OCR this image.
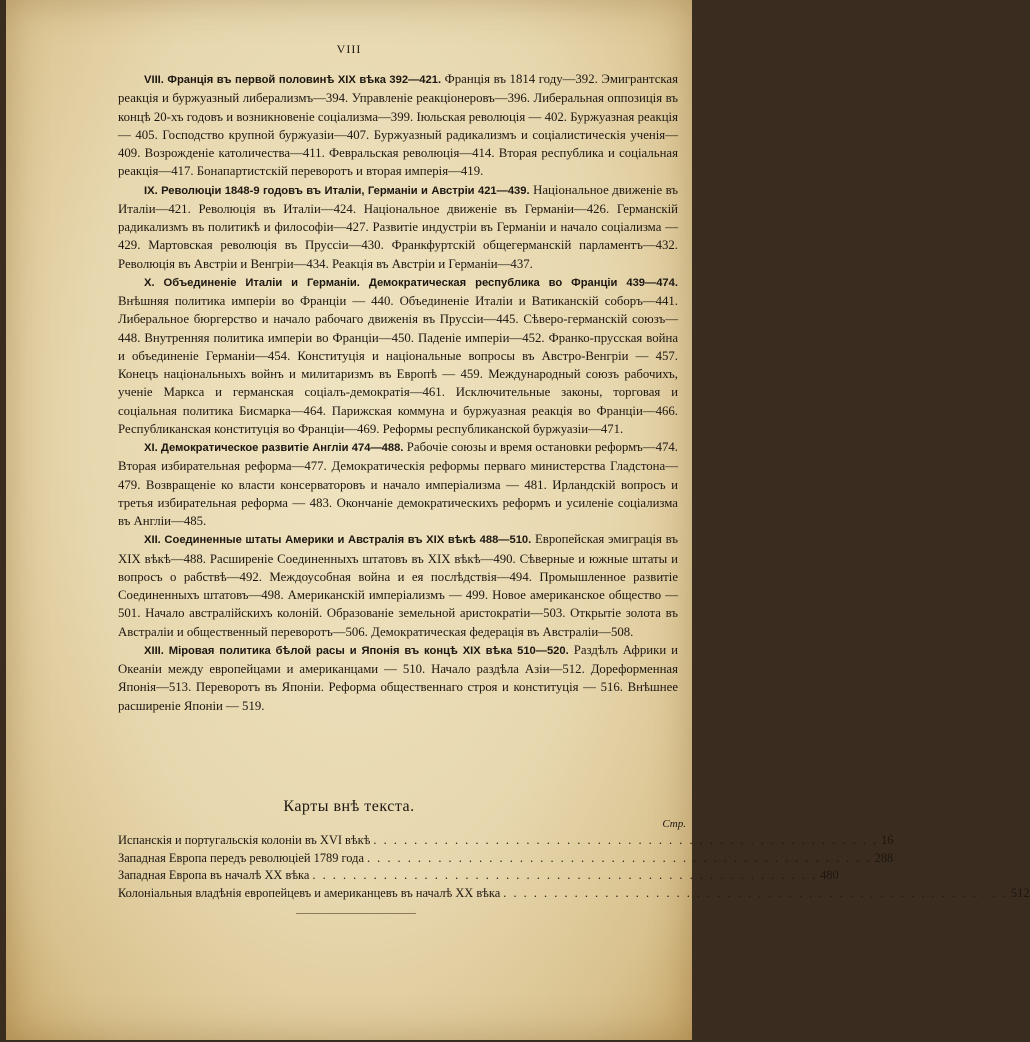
VIII

VIII. Франція въ первой половинѣ XIX вѣка 392—421. Франція въ 1814 году—392. Эмигрантская реакція и буржуазный либерализмъ—394. Управленіе реакціонеровъ—396. Либеральная оппозиція въ концѣ 20-хъ годовъ и возникновеніе соціализма—399. Іюльская революція — 402. Буржуазная реакція — 405. Господство крупной буржуазіи—407. Буржуазный радикализмъ и соціалистическія ученія—409. Возрожденіе католичества—411. Февральская революція—414. Вторая республика и соціальная реакція—417. Бонапартистскій переворотъ и вторая имперія—419.

IX. Революціи 1848-9 годовъ въ Италіи, Германіи и Австріи 421—439. Національное движеніе въ Италіи—421. Революція въ Италіи—424. Національное движеніе въ Германіи—426. Германскій радикализмъ въ политикѣ и философіи—427. Развитіе индустріи въ Германіи и начало соціализма — 429. Мартовская революція въ Пруссіи—430. Франкфуртскій общегерманскій парламентъ—432. Революція въ Австріи и Венгріи—434. Реакція въ Австріи и Германіи—437.

X. Объединеніе Италіи и Германіи. Демократическая республика во Франціи 439—474. Внѣшняя политика имперіи во Франціи — 440. Объединеніе Италіи и Ватиканскій соборъ—441. Либеральное бюргерство и начало рабочаго движенія въ Пруссіи—445. Сѣверо-германскій союзъ—448. Внутренняя политика имперіи во Франціи—450. Паденіе имперіи—452. Франко-прусская война и объединеніе Германіи—454. Конституція и національные вопросы въ Австро-Венгріи — 457. Конецъ національныхъ войнъ и милитаризмъ въ Европѣ — 459. Международный союзъ рабочихъ, ученіе Маркса и германская соціалъ-демократія—461. Исключительные законы, торговая и соціальная политика Бисмарка—464. Парижская коммуна и буржуазная реакція во Франціи—466. Республиканская конституція во Франціи—469. Реформы республиканской буржуазіи—471.

XI. Демократическое развитіе Англіи 474—488. Рабочіе союзы и время остановки реформъ—474. Вторая избирательная реформа—477. Демократическія реформы перваго министерства Гладстона—479. Возвращеніе ко власти консерваторовъ и начало имперіализма — 481. Ирландскій вопросъ и третья избирательная реформа — 483. Окончаніе демократическихъ реформъ и усиленіе соціализма въ Англіи—485.

XII. Соединенные штаты Америки и Австралія въ XIX вѣкѣ 488—510. Европейская эмиграція въ XIX вѣкѣ—488. Расширеніе Соединенныхъ штатовъ въ XIX вѣкѣ—490. Сѣверные и южные штаты и вопросъ о рабствѣ—492. Междоусобная война и ея послѣдствія—494. Промышленное развитіе Соединенныхъ штатовъ—498. Американскій имперіализмъ — 499. Новое американское общество — 501. Начало австралійскихъ колоній. Образованіе земельной аристократіи—503. Открытіе золота въ Австраліи и общественный переворотъ—506. Демократическая федерація въ Австраліи—508.

XIII. Міровая политика бѣлой расы и Японія въ концѣ XIX вѣка 510—520. Раздѣлъ Африки и Океаніи между европейцами и американцами — 510. Начало раздѣла Азіи—512. Дореформенная Японія—513. Переворотъ въ Японіи. Реформа общественнаго строя и конституція — 516. Внѣшнее расширеніе Японіи — 519.

Карты внѣ текста.
Стр.
Испанскія и португальскія колоніи въ XVI вѣкѣ . . . . . . . . . . . . . . . . . . . . . . . . . . . . . . . . . . . . . . . . . . . . . . . . . . 16
Западная Европа передъ революціей 1789 года . . . . . . . . . . . . . . . . . . . . . . . . . . . . . . . . . . . . . . . . . . . . . . . . . . 288
Западная Европа въ началѣ XX вѣка . . . . . . . . . . . . . . . . . . . . . . . . . . . . . . . . . . . . . . . . . . . . . . . . . . 480
Колоніальныя владѣнія европейцевъ и американцевъ въ началѣ XX вѣка . . . . . . . . . . . . . . . . . . . . . . . . . . . . . . . . . . . . . . . . . . . . . . . . . . 512
